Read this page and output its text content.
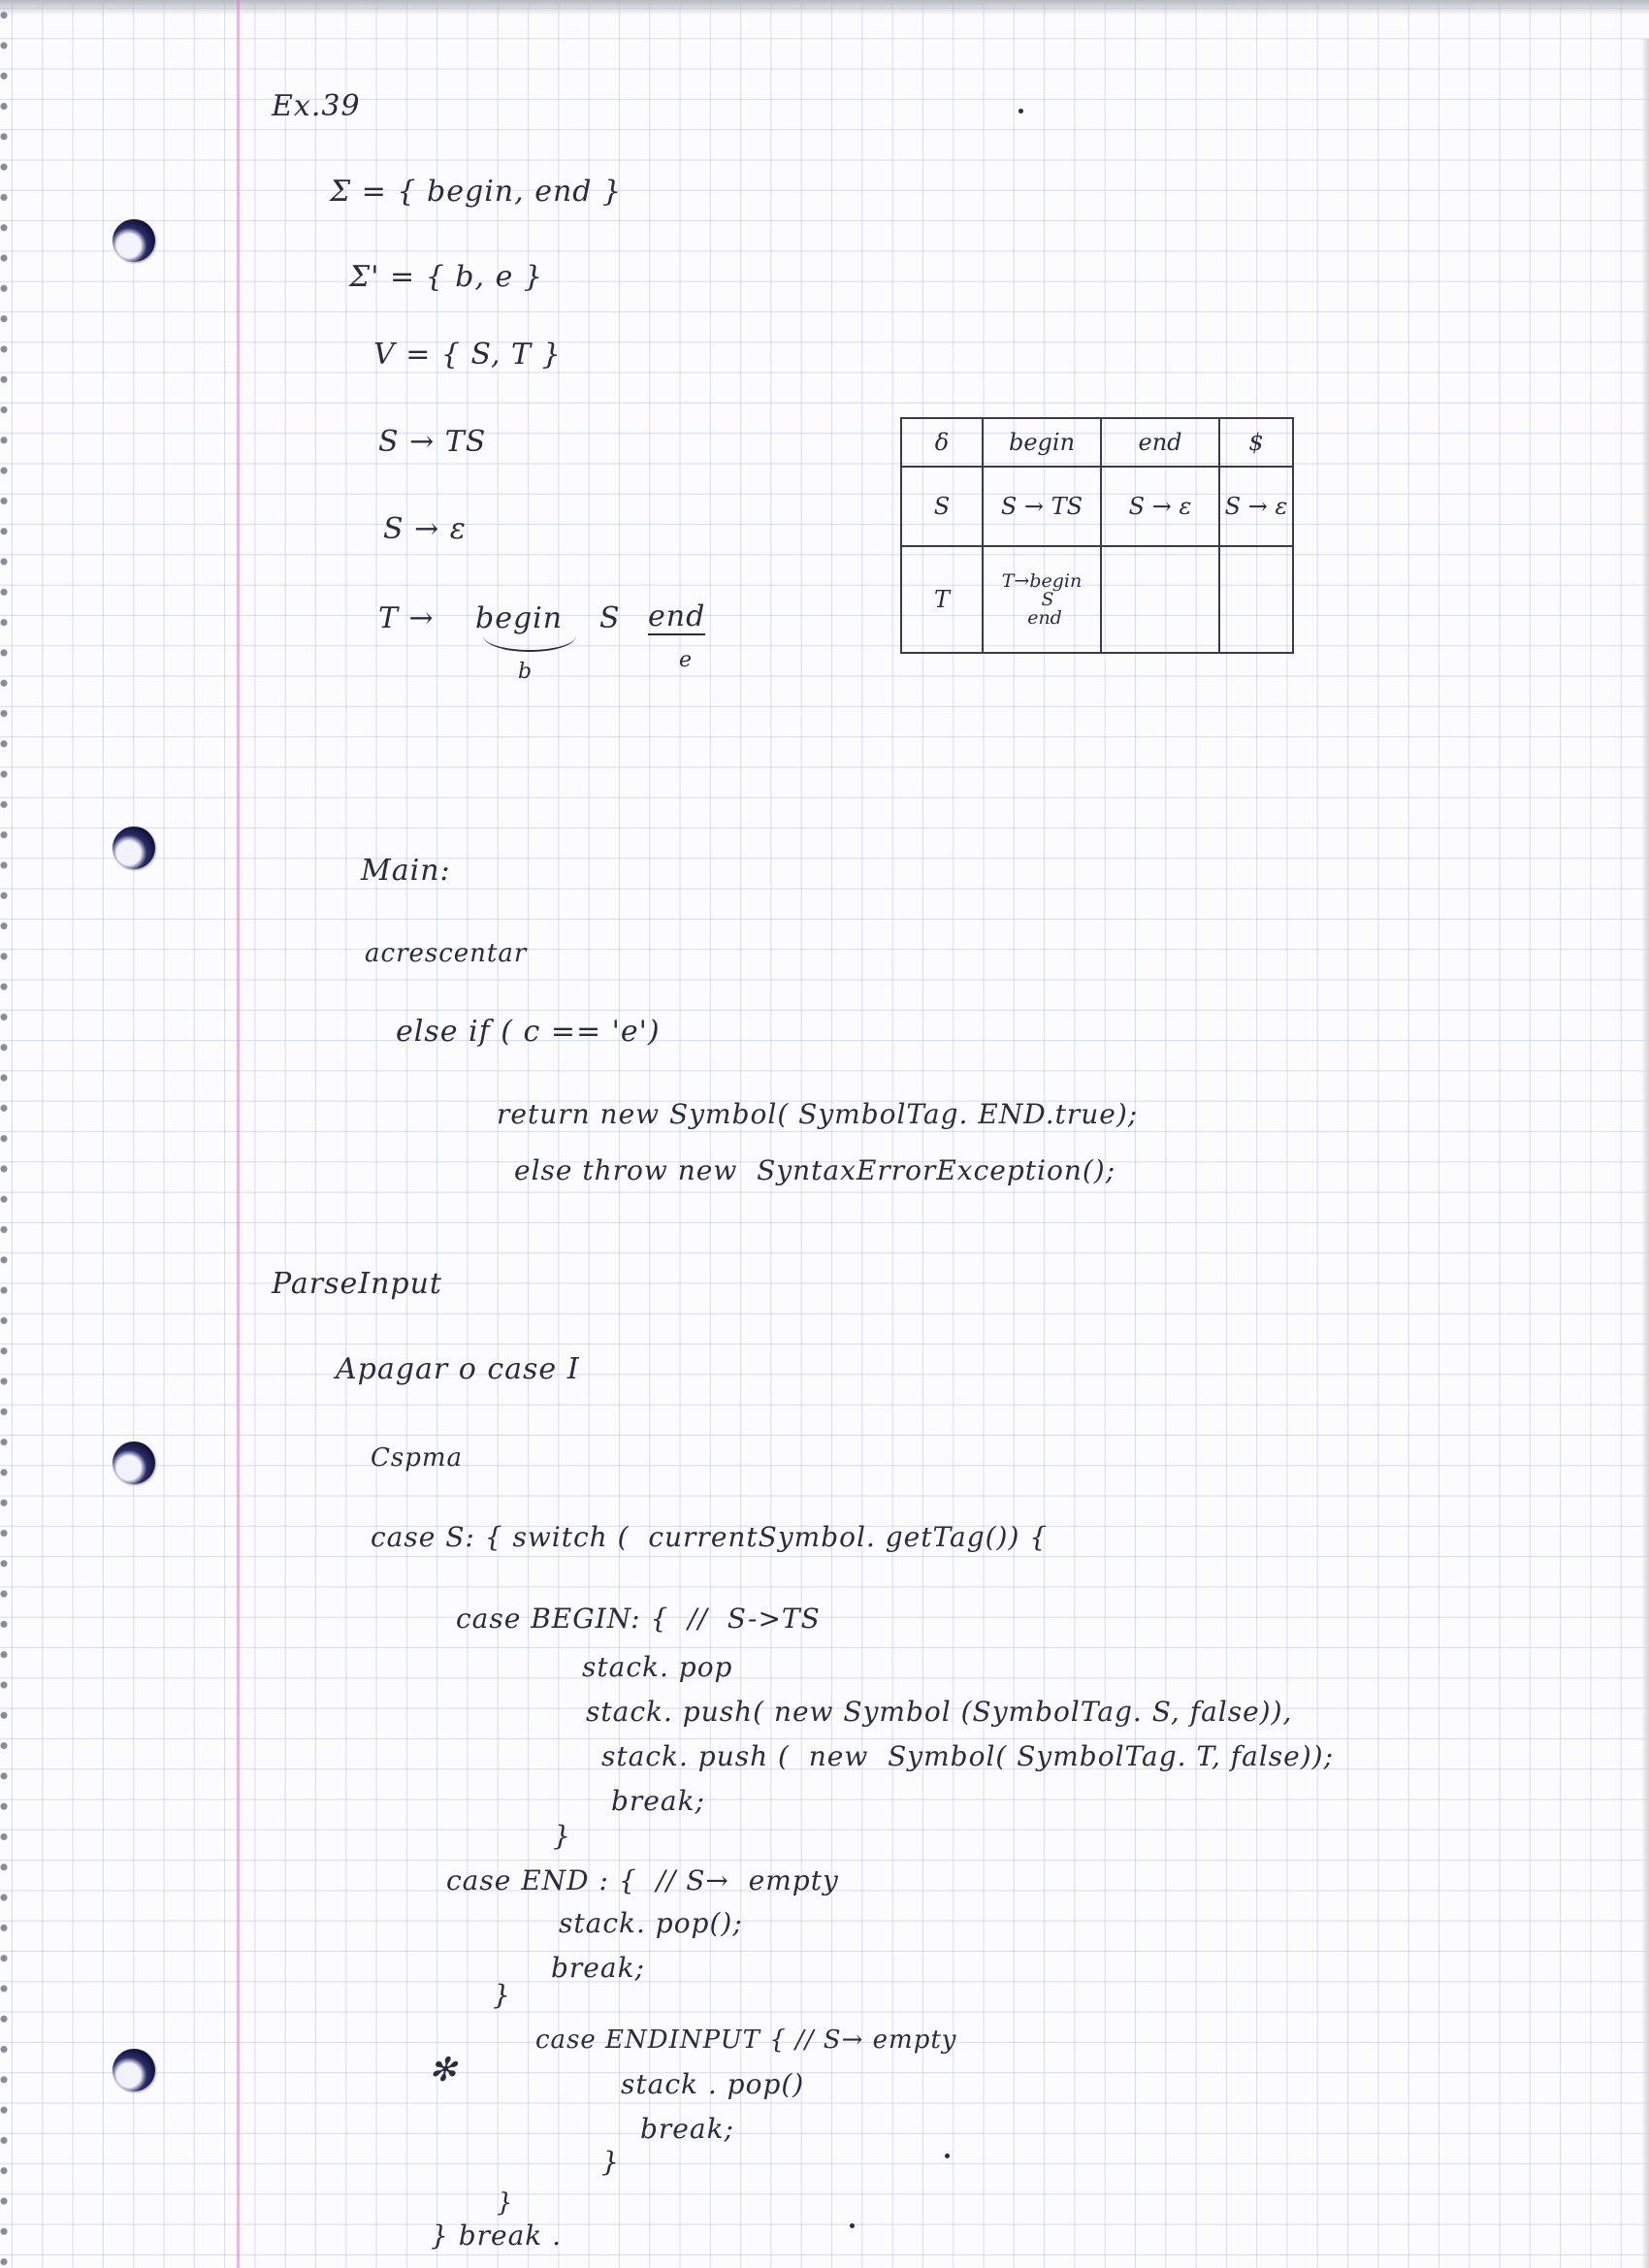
Ex.39
Σ = { begin, end }
Σ' = { b, e }
V = { S, T }
S → TS
S → ε
T → begin S end
b	e
δ	begin	end	$
S	S → TS	S → ε	S → ε
T	T→begin
S
end		
Main:
acrescentar
else if ( c == 'e')
return new Symbol( SymbolTag. END.true);
else throw new  SyntaxErrorException();
ParseInput
Apagar o case I
Cspma
case S: { switch (  currentSymbol. getTag()) {
case BEGIN: {  //  S->TS
stack. pop
stack. push( new Symbol (SymbolTag. S, false)),
stack. push (  new  Symbol( SymbolTag. T, false));
break;
}
case END : {  // S→  empty
stack. pop();
break;
}
✻
case ENDINPUT { // S→ empty
stack . pop()
break;
}
}
} break .
